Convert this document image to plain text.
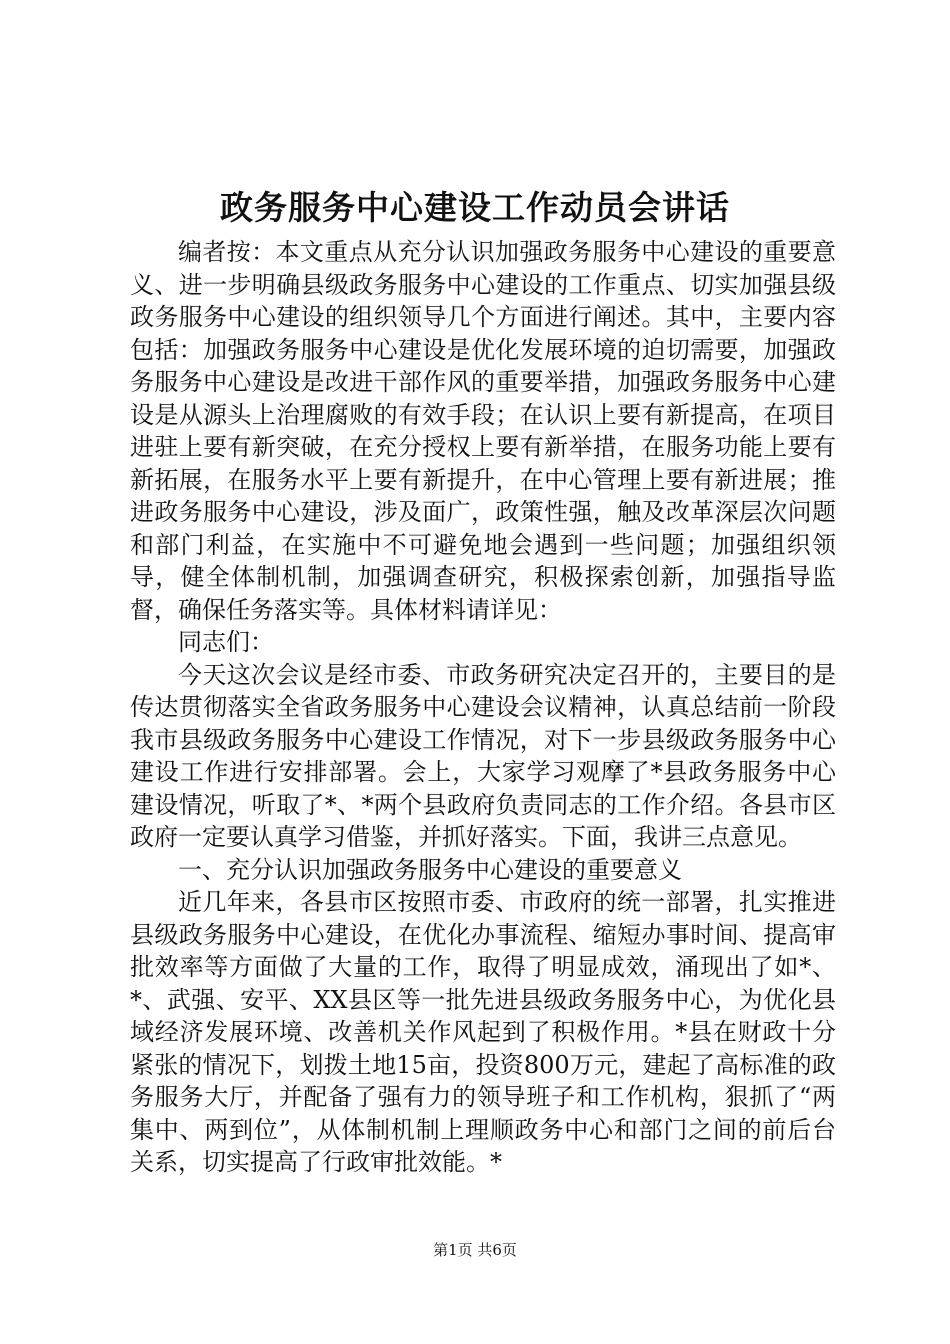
政务服务中心建设工作动员会讲话

编者按：本文重点从充分认识加强政务服务中心建设的重要意义、进一步明确县级政务服务中心建设的工作重点、切实加强县级政务服务中心建设的组织领导几个方面进行阐述。其中，主要内容包括：加强政务服务中心建设是优化发展环境的迫切需要，加强政务服务中心建设是改进干部作风的重要举措，加强政务服务中心建设是从源头上治理腐败的有效手段；在认识上要有新提高，在项目进驻上要有新突破，在充分授权上要有新举措，在服务功能上要有新拓展，在服务水平上要有新提升，在中心管理上要有新进展；推进政务服务中心建设，涉及面广，政策性强，触及改革深层次问题和部门利益，在实施中不可避免地会遇到一些问题；加强组织领导，健全体制机制，加强调查研究，积极探索创新，加强指导监督，确保任务落实等。具体材料请详见：

同志们：

今天这次会议是经市委、市政务研究决定召开的，主要目的是传达贯彻落实全省政务服务中心建设会议精神，认真总结前一阶段我市县级政务服务中心建设工作情况，对下一步县级政务服务中心建设工作进行安排部署。会上，大家学习观摩了*县政务服务中心建设情况，听取了*、*两个县政府负责同志的工作介绍。各县市区政府一定要认真学习借鉴，并抓好落实。下面，我讲三点意见。

一、充分认识加强政务服务中心建设的重要意义

近几年来，各县市区按照市委、市政府的统一部署，扎实推进县级政务服务中心建设，在优化办事流程、缩短办事时间、提高审批效率等方面做了大量的工作，取得了明显成效，涌现出了如*、*、武强、安平、XX县区等一批先进县级政务服务中心，为优化县域经济发展环境、改善机关作风起到了积极作用。*县在财政十分紧张的情况下，划拨土地15亩，投资800万元，建起了高标准的政务服务大厅，并配备了强有力的领导班子和工作机构，狠抓了“两集中、两到位”，从体制机制上理顺政务中心和部门之间的前后台关系，切实提高了行政审批效能。*

第1页 共6页
